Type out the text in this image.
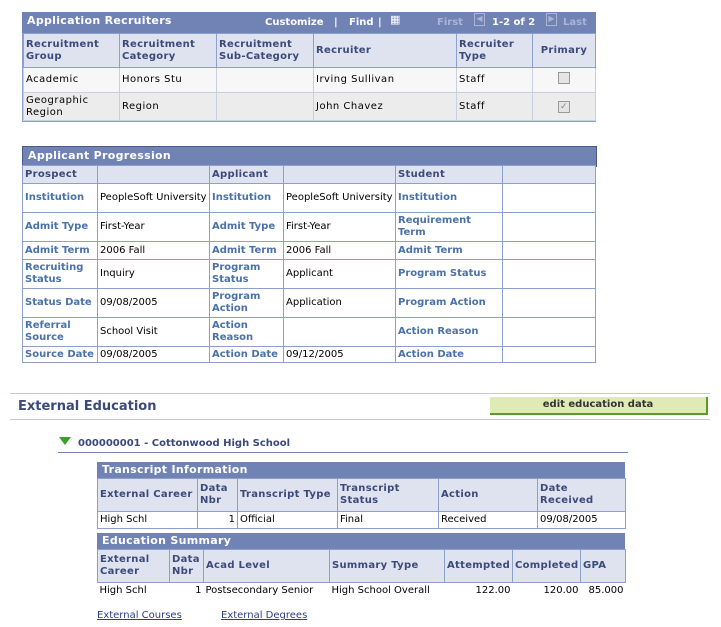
Application Recruiters	Customize | Find | ▦	First	◀ 1-2 of 2	▶ Last
Recruitment Group	Recruitment Category	Recruitment Sub-Category	Recruiter	Recruiter Type	Primary
Academic	Honors Stu		Irving Sullivan	Staff	
Geographic Region	Region		John Chavez	Staff	✓
Applicant Progression
Prospect		Applicant		Student	
Institution	PeopleSoft University	Institution	PeopleSoft University	Institution	
Admit Type	First-Year	Admit Type	First-Year	Requirement Term	
Admit Term	2006 Fall	Admit Term	2006 Fall	Admit Term	
Recruiting Status	Inquiry	Program Status	Applicant	Program Status	
Status Date	09/08/2005	Program Action	Application	Program Action	
Referral Source	School Visit	Action Reason		Action Reason	
Source Date	09/08/2005	Action Date	09/12/2005	Action Date	
External Education	edit education data
000000001 - Cottonwood High School
Transcript Information
External Career	Data Nbr	Transcript Type	Transcript Status	Action	Date Received
High Schl	1	Official	Final	Received	09/08/2005
Education Summary
External Career	Data Nbr	Acad Level	Summary Type	Attempted	Completed	GPA
High Schl	1	Postsecondary Senior	High School Overall	122.00	120.00	85.000
External Courses	External Degrees
